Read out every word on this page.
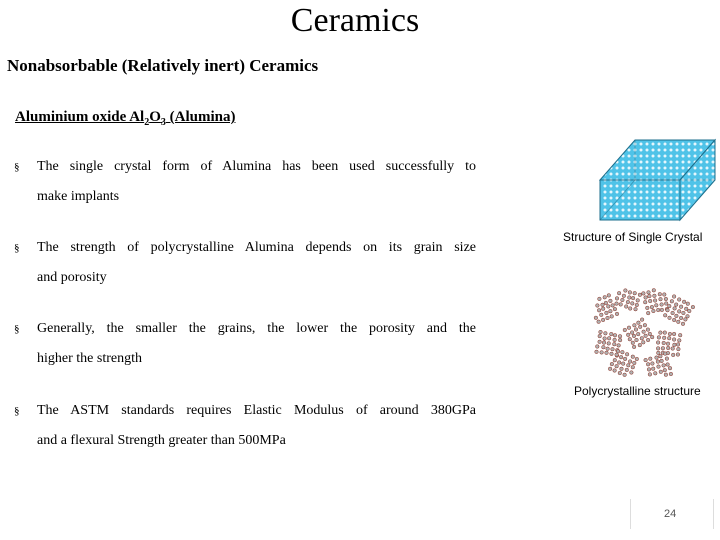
Ceramics
Nonabsorbable (Relatively inert) Ceramics
Aluminium oxide $Al_2O_3$ (Alumina)
§	The single crystal form of Alumina has been used successfully to
make implants
§	The strength of polycrystalline Alumina depends on its grain size
and porosity
§	Generally, the smaller the grains, the lower the porosity and the
higher the strength
§	The ASTM standards requires Elastic Modulus of around 380GPa
and a flexural Strength greater than 500MPa
Structure of Single Crystal
Polycrystalline structure
24
